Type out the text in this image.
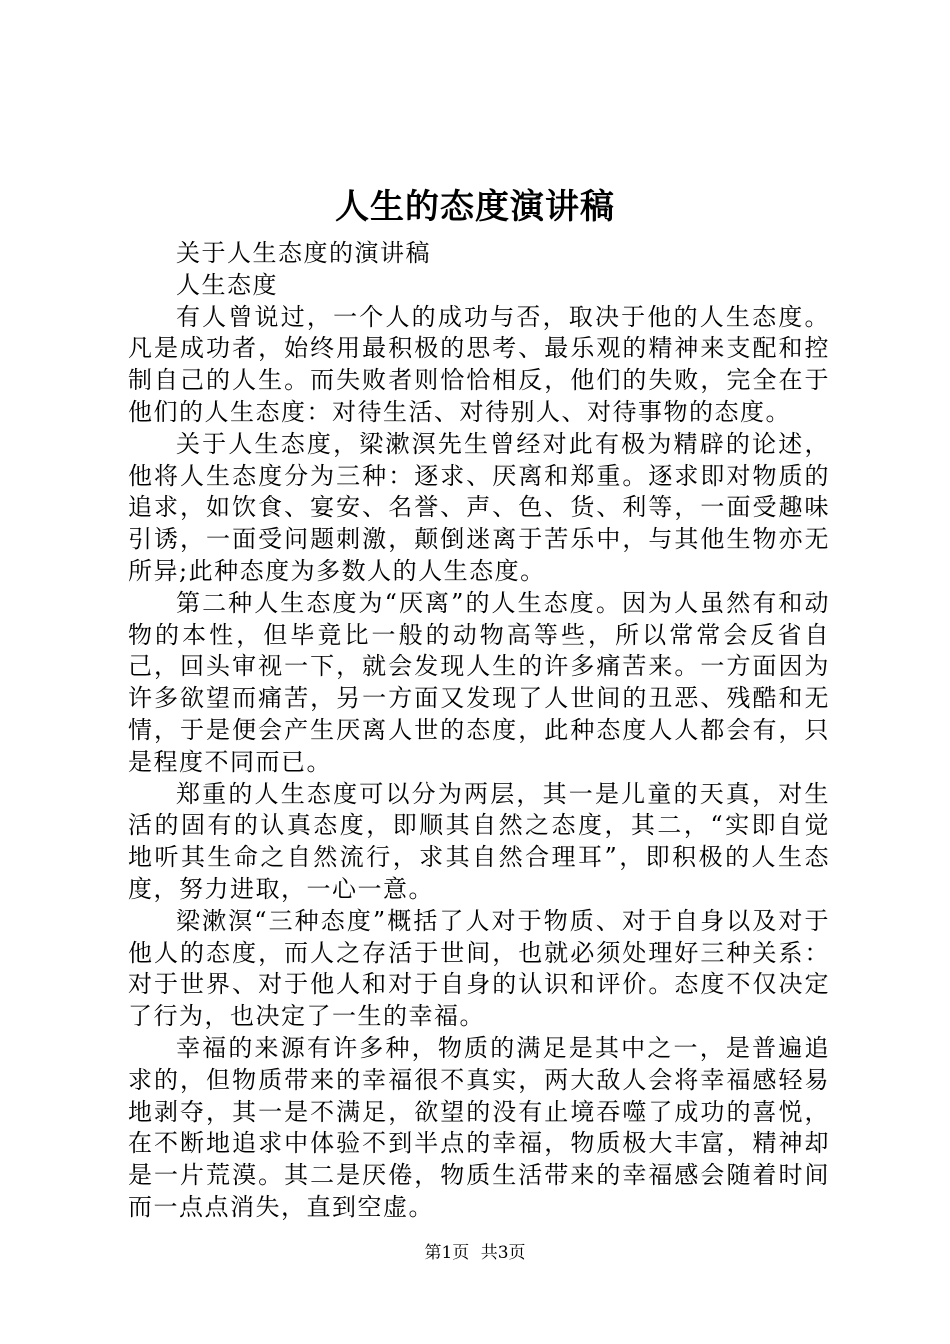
人生的态度演讲稿

关于人生态度的演讲稿

人生态度

有人曾说过，一个人的成功与否，取决于他的人生态度。凡是成功者，始终用最积极的思考、最乐观的精神来支配和控制自己的人生。而失败者则恰恰相反，他们的失败，完全在于他们的人生态度：对待生活、对待别人、对待事物的态度。

关于人生态度，梁漱溟先生曾经对此有极为精辟的论述，他将人生态度分为三种：逐求、厌离和郑重。逐求即对物质的追求，如饮食、宴安、名誉、声、色、货、利等，一面受趣味引诱，一面受问题刺激，颠倒迷离于苦乐中，与其他生物亦无所异;此种态度为多数人的人生态度。

第二种人生态度为“厌离”的人生态度。因为人虽然有和动物的本性，但毕竟比一般的动物高等些，所以常常会反省自己，回头审视一下，就会发现人生的许多痛苦来。一方面因为许多欲望而痛苦，另一方面又发现了人世间的丑恶、残酷和无情，于是便会产生厌离人世的态度，此种态度人人都会有，只是程度不同而已。

郑重的人生态度可以分为两层，其一是儿童的天真，对生活的固有的认真态度，即顺其自然之态度，其二，“实即自觉地听其生命之自然流行，求其自然合理耳”，即积极的人生态度，努力进取，一心一意。

梁漱溟“三种态度”概括了人对于物质、对于自身以及对于他人的态度，而人之存活于世间，也就必须处理好三种关系：对于世界、对于他人和对于自身的认识和评价。态度不仅决定了行为，也决定了一生的幸福。

幸福的来源有许多种，物质的满足是其中之一，是普遍追求的，但物质带来的幸福很不真实，两大敌人会将幸福感轻易地剥夺，其一是不满足，欲望的没有止境吞噬了成功的喜悦，在不断地追求中体验不到半点的幸福，物质极大丰富，精神却是一片荒漠。其二是厌倦，物质生活带来的幸福感会随着时间而一点点消失，直到空虚。

第1页 共3页
